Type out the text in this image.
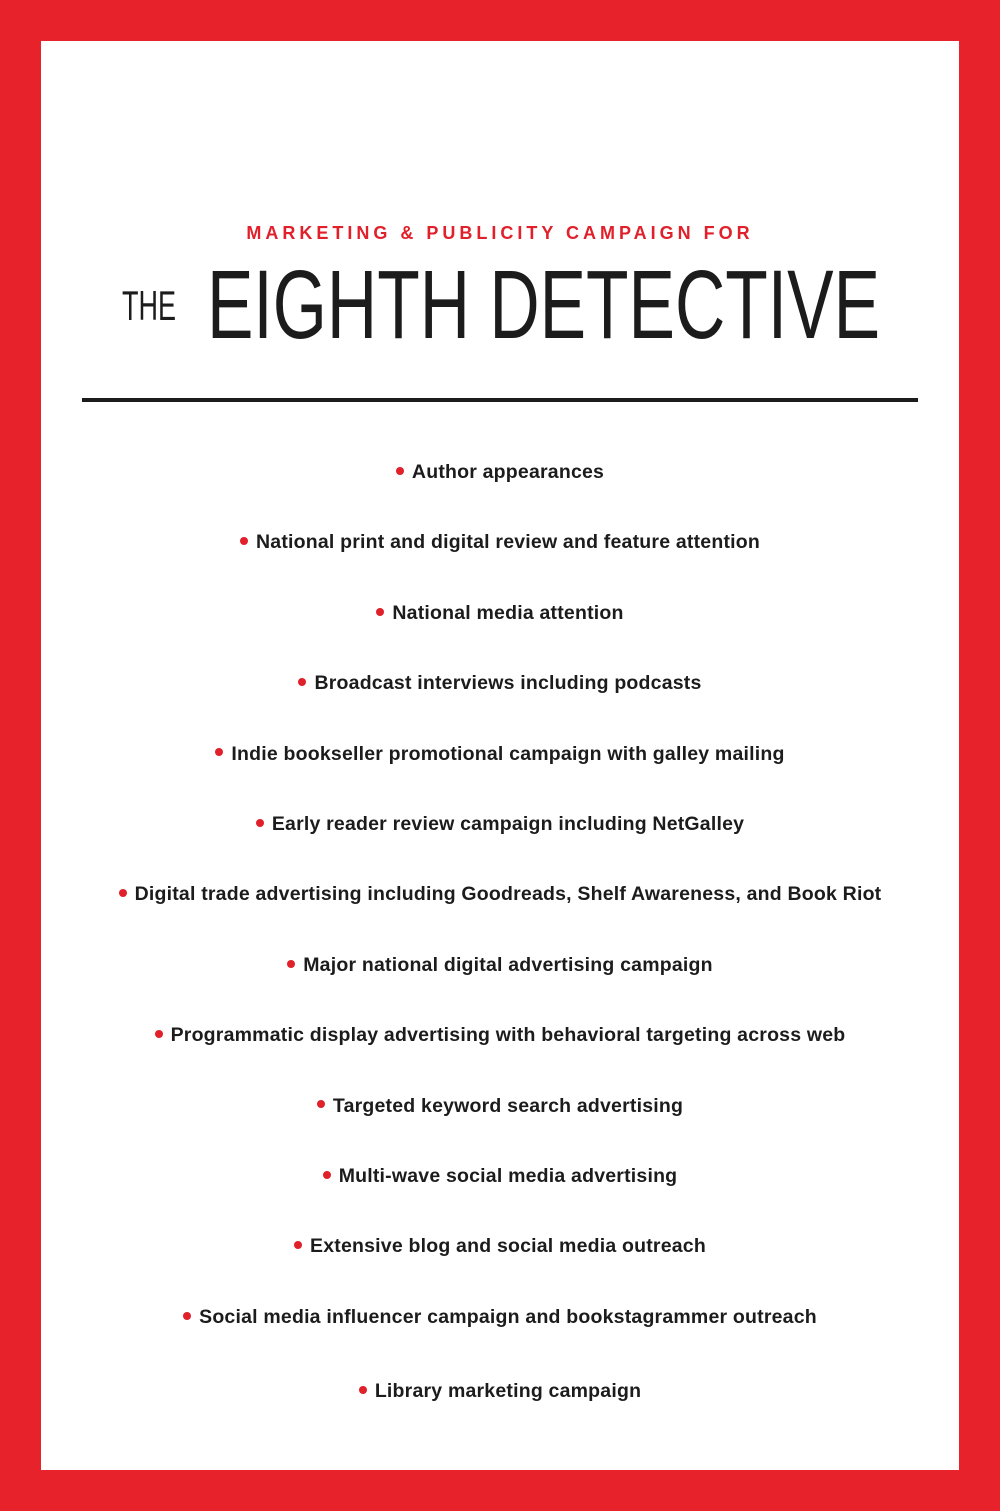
MARKETING & PUBLICITY CAMPAIGN FOR
THE EIGHTH DETECTIVE
Author appearances
National print and digital review and feature attention
National media attention
Broadcast interviews including podcasts
Indie bookseller promotional campaign with galley mailing
Early reader review campaign including NetGalley
Digital trade advertising including Goodreads, Shelf Awareness, and Book Riot
Major national digital advertising campaign
Programmatic display advertising with behavioral targeting across web
Targeted keyword search advertising
Multi-wave social media advertising
Extensive blog and social media outreach
Social media influencer campaign and bookstagrammer outreach
Library marketing campaign
